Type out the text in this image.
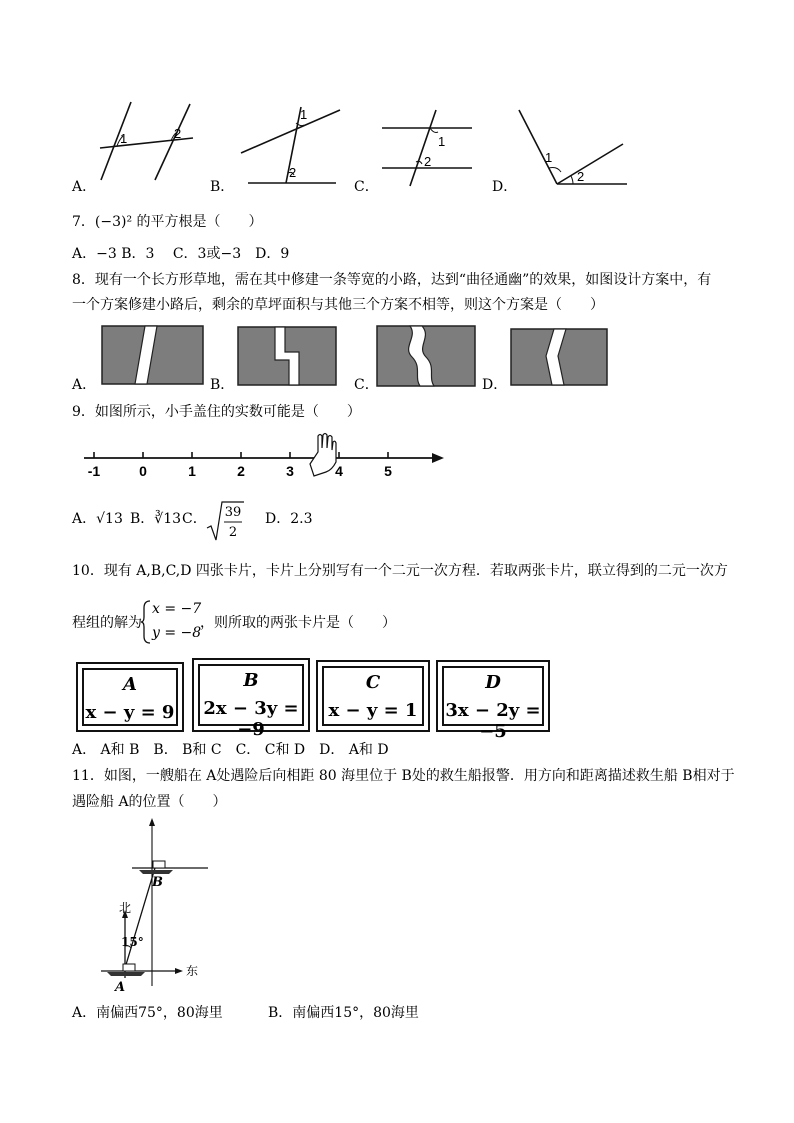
1	2
A．
1
2
B．
1
2
C．
1
2
D．
7．(−3)² 的平方根是（　　）
A．−3 B．3　 C．3或−3　D．9
8．现有一个长方形草地，需在其中修建一条等宽的小路，达到“曲径通幽”的效果，如图设计方案中，有
一个方案修建小路后，剩余的草坪面积与其他三个方案不相等，则这个方案是（　　）
A．	B．	C．	D．
9．如图所示，小手盖住的实数可能是（　　）
-1	0	1	2	3	4	5
A．√13 B．∛13 C． 39
2
D．2.3
10．现有 A,B,C,D 四张卡片，卡片上分别写有一个二元一次方程．若取两张卡片，联立得到的二元一次方
程组的解为
x = −7
y = −8
，则所取的两张卡片是（　　）
A
x − y = 9
B
2x − 3y = −9
C
x − y = 1
D
3x − 2y = −5
A． A和 B　B． B和 C　C． C和 D　D． A和 D
11．如图，一艘船在 A处遇险后向相距 80 海里位于 B处的救生船报警．用方向和距离描述救生船 B相对于
遇险船 A的位置（　　）
北
东
15°
B
A
A．南偏西75°，80海里	B．南偏西15°，80海里
